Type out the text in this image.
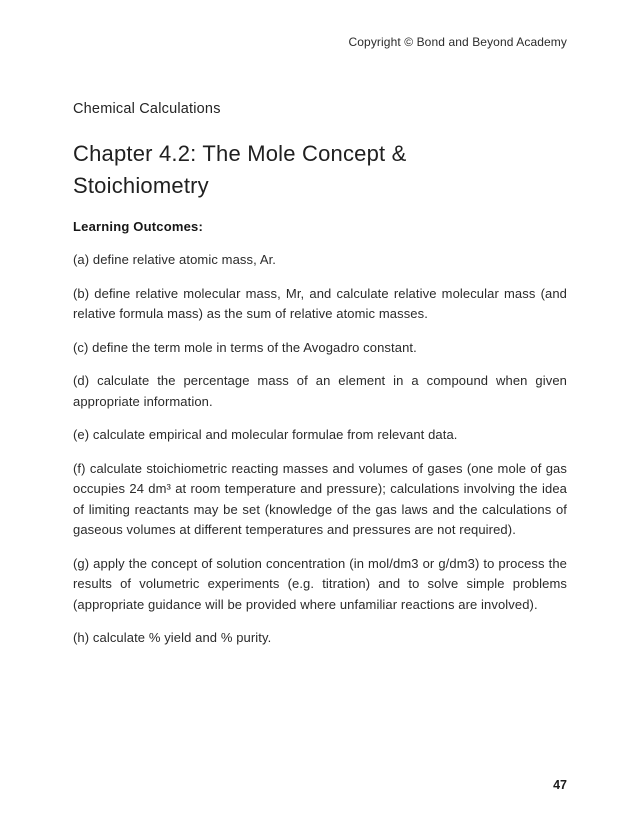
Copyright © Bond and Beyond Academy
Chemical Calculations
Chapter 4.2: The Mole Concept & Stoichiometry
Learning Outcomes:

(a) define relative atomic mass, Ar.

(b) define relative molecular mass, Mr, and calculate relative molecular mass (and relative formula mass) as the sum of relative atomic masses.

(c) define the term mole in terms of the Avogadro constant.

(d) calculate the percentage mass of an element in a compound when given appropriate information.

(e) calculate empirical and molecular formulae from relevant data.

(f) calculate stoichiometric reacting masses and volumes of gases (one mole of gas occupies 24 dm³ at room temperature and pressure); calculations involving the idea of limiting reactants may be set (knowledge of the gas laws and the calculations of gaseous volumes at different temperatures and pressures are not required).

(g) apply the concept of solution concentration (in mol/dm3 or g/dm3) to process the results of volumetric experiments (e.g. titration) and to solve simple problems (appropriate guidance will be provided where unfamiliar reactions are involved).

(h) calculate % yield and % purity.

47
